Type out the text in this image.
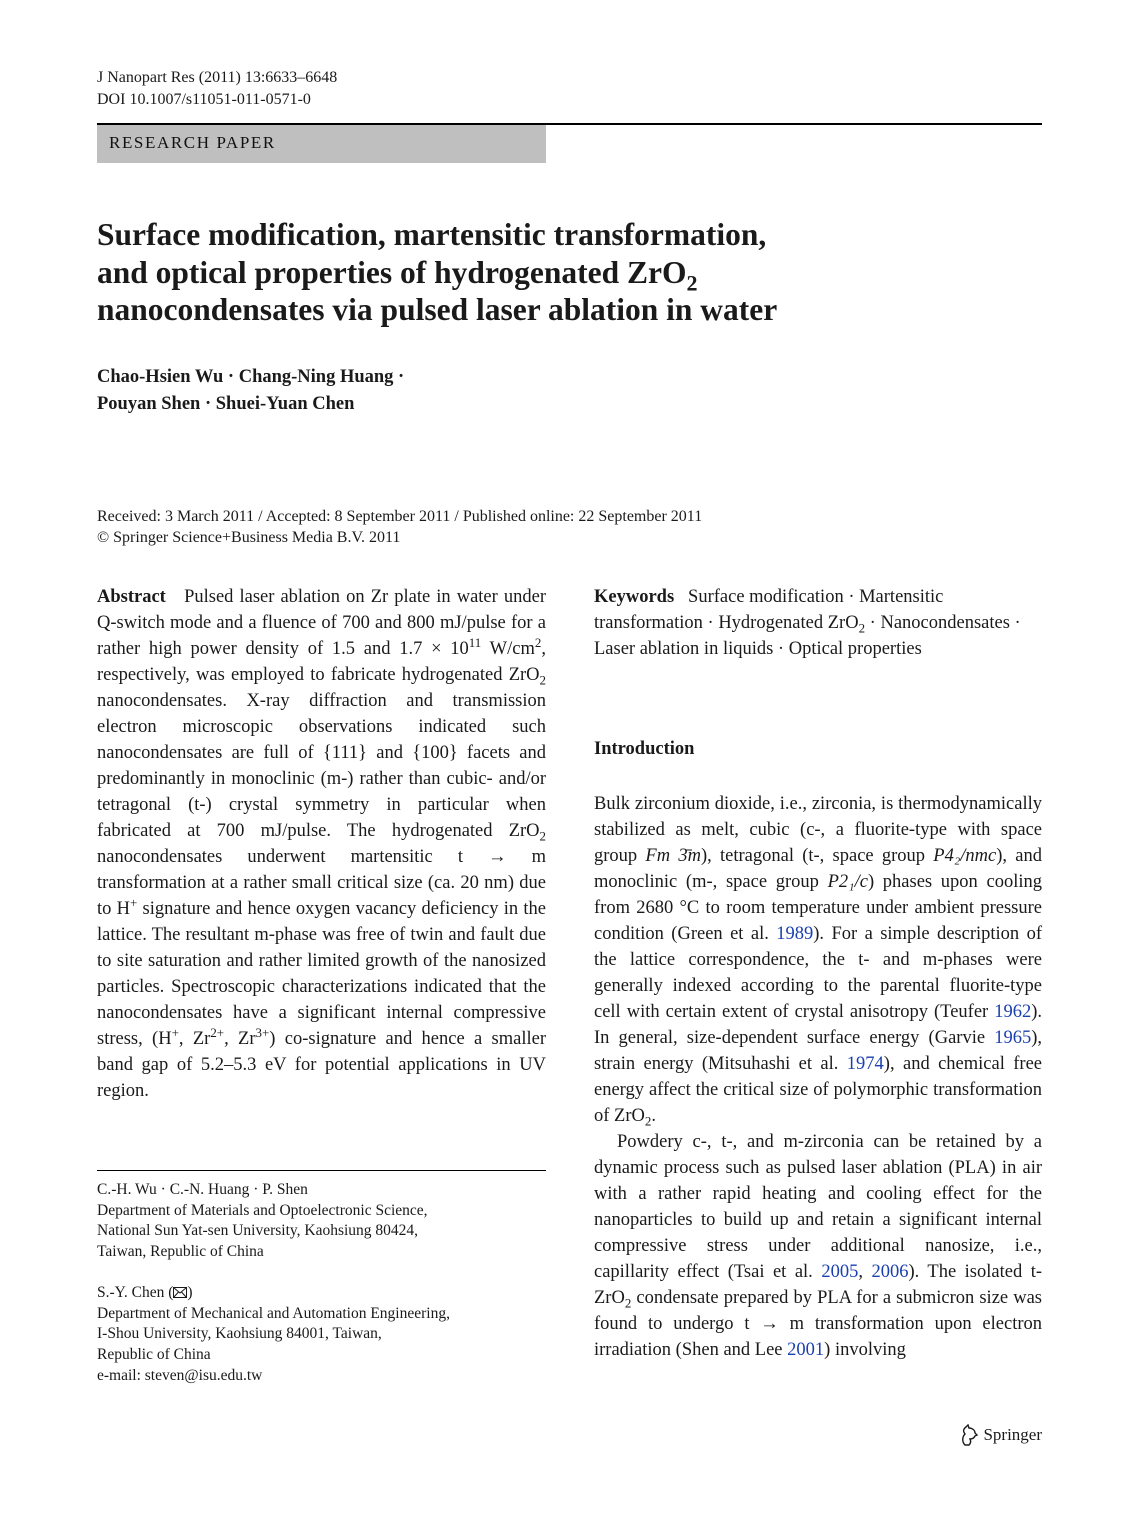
J Nanopart Res (2011) 13:6633–6648
DOI 10.1007/s11051-011-0571-0
RESEARCH PAPER
Surface modification, martensitic transformation,
and optical properties of hydrogenated ZrO$_2$
nanocondensates via pulsed laser ablation in water
Chao-Hsien Wu · Chang-Ning Huang ·
Pouyan Shen · Shuei-Yuan Chen
Received: 3 March 2011 / Accepted: 8 September 2011 / Published online: 22 September 2011
© Springer Science+Business Media B.V. 2011

Abstract Pulsed laser ablation on Zr plate in water under Q-switch mode and a fluence of 700 and 800 mJ/pulse for a rather high power density of 1.5 and $1.7 \times 10^{11}$ $W/cm^2$, respectively, was employed to fabricate hydrogenated ZrO$_2$ nanocondensates. X-ray diffraction and transmission electron microscopic observations indicated such nanocondensates are full of {111} and {100} facets and predominantly in monoclinic (m-) rather than cubic- and/or tetragonal (t-) crystal symmetry in particular when fabricated at 700 mJ/pulse. The hydrogenated ZrO$_2$ nanocondensates underwent martensitic t → m transformation at a rather small critical size (ca. 20 nm) due to H+ signature and hence oxygen vacancy deficiency in the lattice. The resultant m-phase was free of twin and fault due to site saturation and rather limited growth of the nanosized particles. Spectroscopic characterizations indicated that the nanocondensates have a significant internal compressive stress, (H+, $Zr^{2+}$, $Zr^{3+}$) co-signature and hence a smaller band gap of 5.2–5.3 eV for potential applications in UV region.

C.-H. Wu · C.-N. Huang · P. Shen
Department of Materials and Optoelectronic Science,
National Sun Yat-sen University, Kaohsiung 80424,
Taiwan, Republic of China
S.-Y. Chen ( )
Department of Mechanical and Automation Engineering,
I-Shou University, Kaohsiung 84001, Taiwan,
Republic of China
e-mail: steven@isu.edu.tw

Keywords Surface modification · Martensitic transformation · Hydrogenated ZrO$_2$ · Nanocondensates · Laser ablation in liquids · Optical properties

Introduction

Bulk zirconium dioxide, i.e., zirconia, is thermodynamically stabilized as melt, cubic (c-, a fluorite-type with space group Fm 3̄m), tetragonal (t-, space group P4₂/nmc), and monoclinic (m-, space group P2₁/c) phases upon cooling from 2680 °C to room temperature under ambient pressure condition (Green et al. 1989). For a simple description of the lattice correspondence, the t- and m-phases were generally indexed according to the parental fluorite-type cell with certain extent of crystal anisotropy (Teufer 1962). In general, size-dependent surface energy (Garvie 1965), strain energy (Mitsuhashi et al. 1974), and chemical free energy affect the critical size of polymorphic transformation of ZrO$_2$.

Powdery c-, t-, and m-zirconia can be retained by a dynamic process such as pulsed laser ablation (PLA) in air with a rather rapid heating and cooling effect for the nanoparticles to build up and retain a significant internal compressive stress under additional nanosize, i.e., capillarity effect (Tsai et al. 2005, 2006). The isolated t-ZrO$_2$ condensate prepared by PLA for a submicron size was found to undergo t → m transformation upon electron irradiation (Shen and Lee 2001) involving

Springer
